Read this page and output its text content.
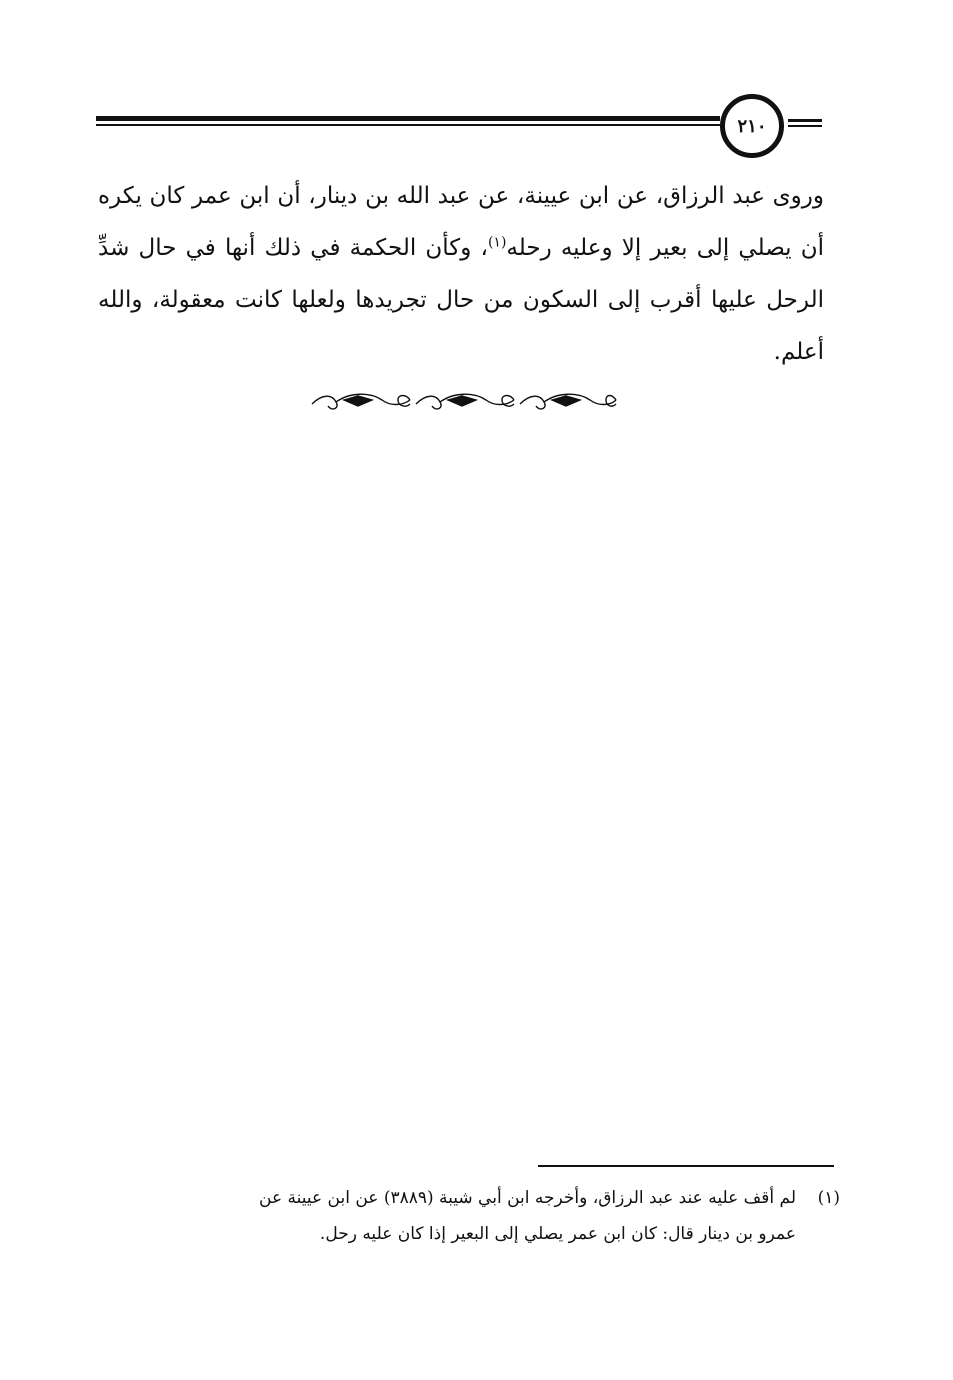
٢١٠

وروى عبد الرزاق، عن ابن عيينة، عن عبد الله بن دينار، أن ابن عمر كان يكره أن يصلي إلى بعير إلا وعليه رحله$^{(١)}$، وكأن الحكمة في ذلك أنها في حال شدِّ الرحل عليها أقرب إلى السكون من حال تجريدها ولعلها كانت معقولة، والله أعلم.

(١)لم أقف عليه عند عبد الرزاق، وأخرجه ابن أبي شيبة (٣٨٨٩) عن ابن عيينة عن
عمرو بن دينار قال: كان ابن عمر يصلي إلى البعير إذا كان عليه رحل.
